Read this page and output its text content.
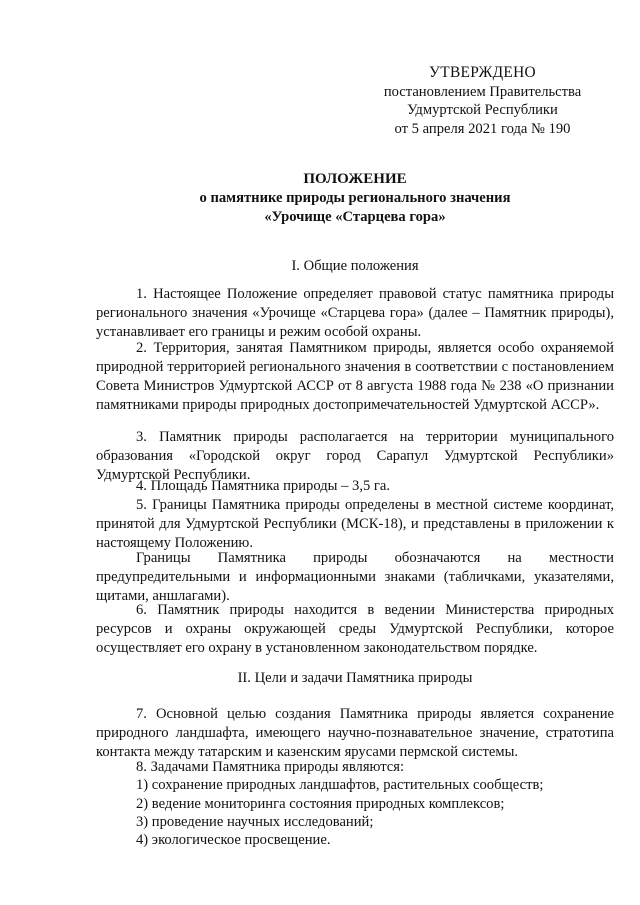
УТВЕРЖДЕНО
постановлением Правительства
Удмуртской Республики
от 5 апреля 2021 года № 190
ПОЛОЖЕНИЕ
о памятнике природы регионального значения
«Урочище «Старцева гора»
I. Общие положения
1. Настоящее Положение определяет правовой статус памятника природы регионального значения «Урочище «Старцева гора» (далее – Памятник природы), устанавливает его границы и режим особой охраны.
2. Территория, занятая Памятником природы, является особо охраняемой природной территорией регионального значения в соответствии с постановлением Совета Министров Удмуртской АССР от 8 августа 1988 года № 238 «О признании памятниками природы природных достопримечательностей Удмуртской АССР».
3. Памятник природы располагается на территории муниципального образования «Городской округ город Сарапул Удмуртской Республики» Удмуртской Республики.
4. Площадь Памятника природы – 3,5 га.
5. Границы Памятника природы определены в местной системе координат, принятой для Удмуртской Республики (МСК-18), и представлены в приложении к настоящему Положению.
Границы Памятника природы обозначаются на местности предупредительными и информационными знаками (табличками, указателями, щитами, аншлагами).
6. Памятник природы находится в ведении Министерства природных ресурсов и охраны окружающей среды Удмуртской Республики, которое осуществляет его охрану в установленном законодательством порядке.
II. Цели и задачи Памятника природы
7. Основной целью создания Памятника природы является сохранение природного ландшафта, имеющего научно-познавательное значение, стратотипа контакта между татарским и казенским ярусами пермской системы.
8. Задачами Памятника природы являются:
1) сохранение природных ландшафтов, растительных сообществ;
2) ведение мониторинга состояния природных комплексов;
3) проведение научных исследований;
4) экологическое просвещение.
